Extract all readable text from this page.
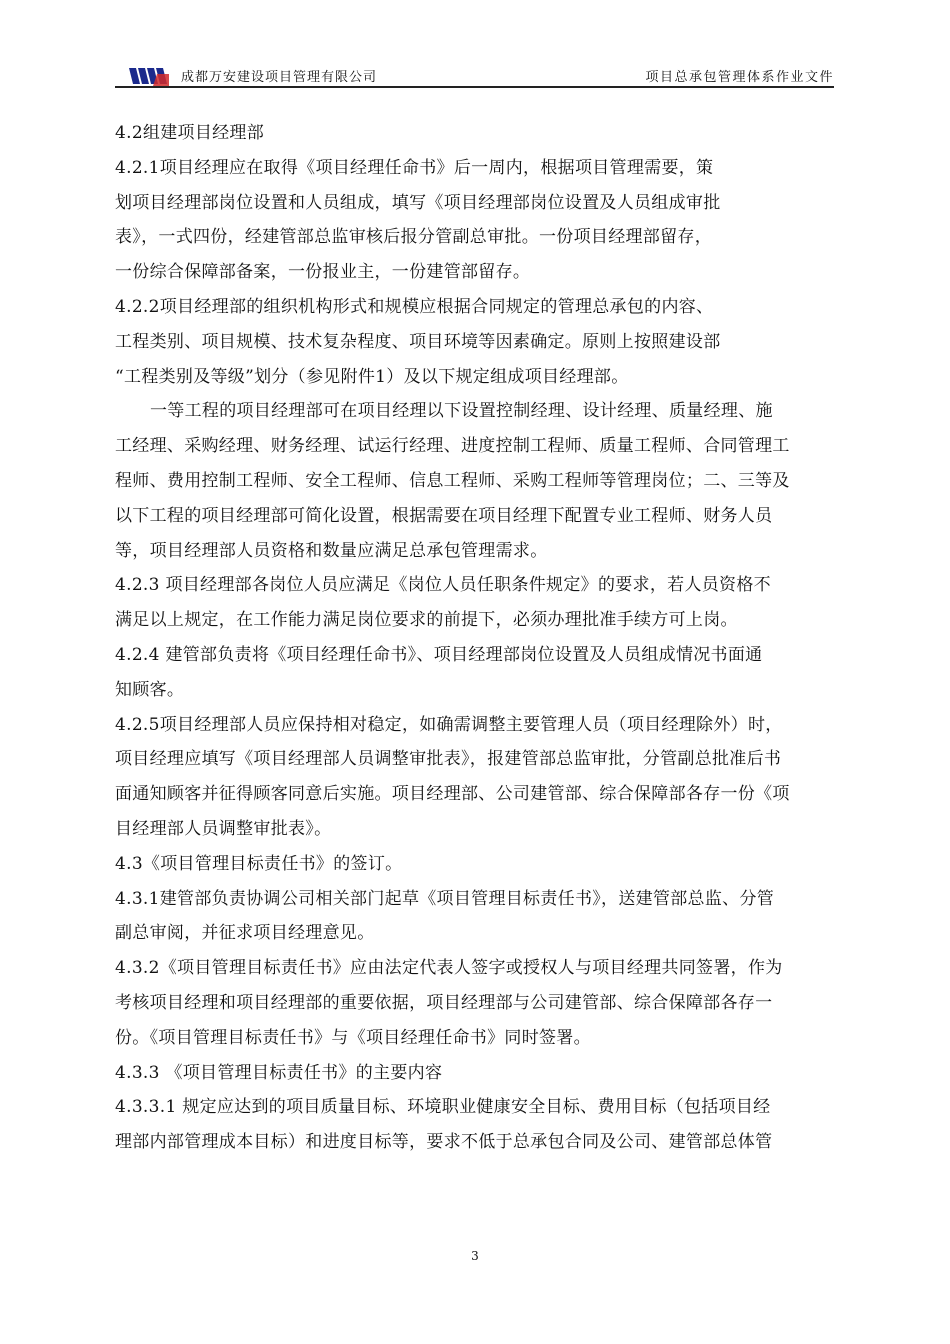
成都万安建设项目管理有限公司	项目总承包管理体系作业文件

4.2组建项目经理部

4.2.1项目经理应在取得《项目经理任命书》后一周内，根据项目管理需要，策

划项目经理部岗位设置和人员组成，填写《项目经理部岗位设置及人员组成审批

表》，一式四份，经建管部总监审核后报分管副总审批。一份项目经理部留存，

一份综合保障部备案，一份报业主，一份建管部留存。

4.2.2项目经理部的组织机构形式和规模应根据合同规定的管理总承包的内容、

工程类别、项目规模、技术复杂程度、项目环境等因素确定。原则上按照建设部

“工程类别及等级”划分（参见附件1）及以下规定组成项目经理部。

一等工程的项目经理部可在项目经理以下设置控制经理、设计经理、质量经理、施

工经理、采购经理、财务经理、试运行经理、进度控制工程师、质量工程师、合同管理工

程师、费用控制工程师、安全工程师、信息工程师、采购工程师等管理岗位；二、三等及

以下工程的项目经理部可简化设置，根据需要在项目经理下配置专业工程师、财务人员

等，项目经理部人员资格和数量应满足总承包管理需求。

4.2.3 项目经理部各岗位人员应满足《岗位人员任职条件规定》的要求，若人员资格不

满足以上规定，在工作能力满足岗位要求的前提下，必须办理批准手续方可上岗。

4.2.4 建管部负责将《项目经理任命书》、项目经理部岗位设置及人员组成情况书面通

知顾客。

4.2.5项目经理部人员应保持相对稳定，如确需调整主要管理人员（项目经理除外）时，

项目经理应填写《项目经理部人员调整审批表》，报建管部总监审批，分管副总批准后书

面通知顾客并征得顾客同意后实施。项目经理部、公司建管部、综合保障部各存一份《项

目经理部人员调整审批表》。

4.3《项目管理目标责任书》的签订。

4.3.1建管部负责协调公司相关部门起草《项目管理目标责任书》，送建管部总监、分管

副总审阅，并征求项目经理意见。

4.3.2《项目管理目标责任书》应由法定代表人签字或授权人与项目经理共同签署，作为

考核项目经理和项目经理部的重要依据，项目经理部与公司建管部、综合保障部各存一

份。《项目管理目标责任书》与《项目经理任命书》同时签署。

4.3.3 《项目管理目标责任书》的主要内容

4.3.3.1 规定应达到的项目质量目标、环境职业健康安全目标、费用目标（包括项目经

理部内部管理成本目标）和进度目标等，要求不低于总承包合同及公司、建管部总体管

3
